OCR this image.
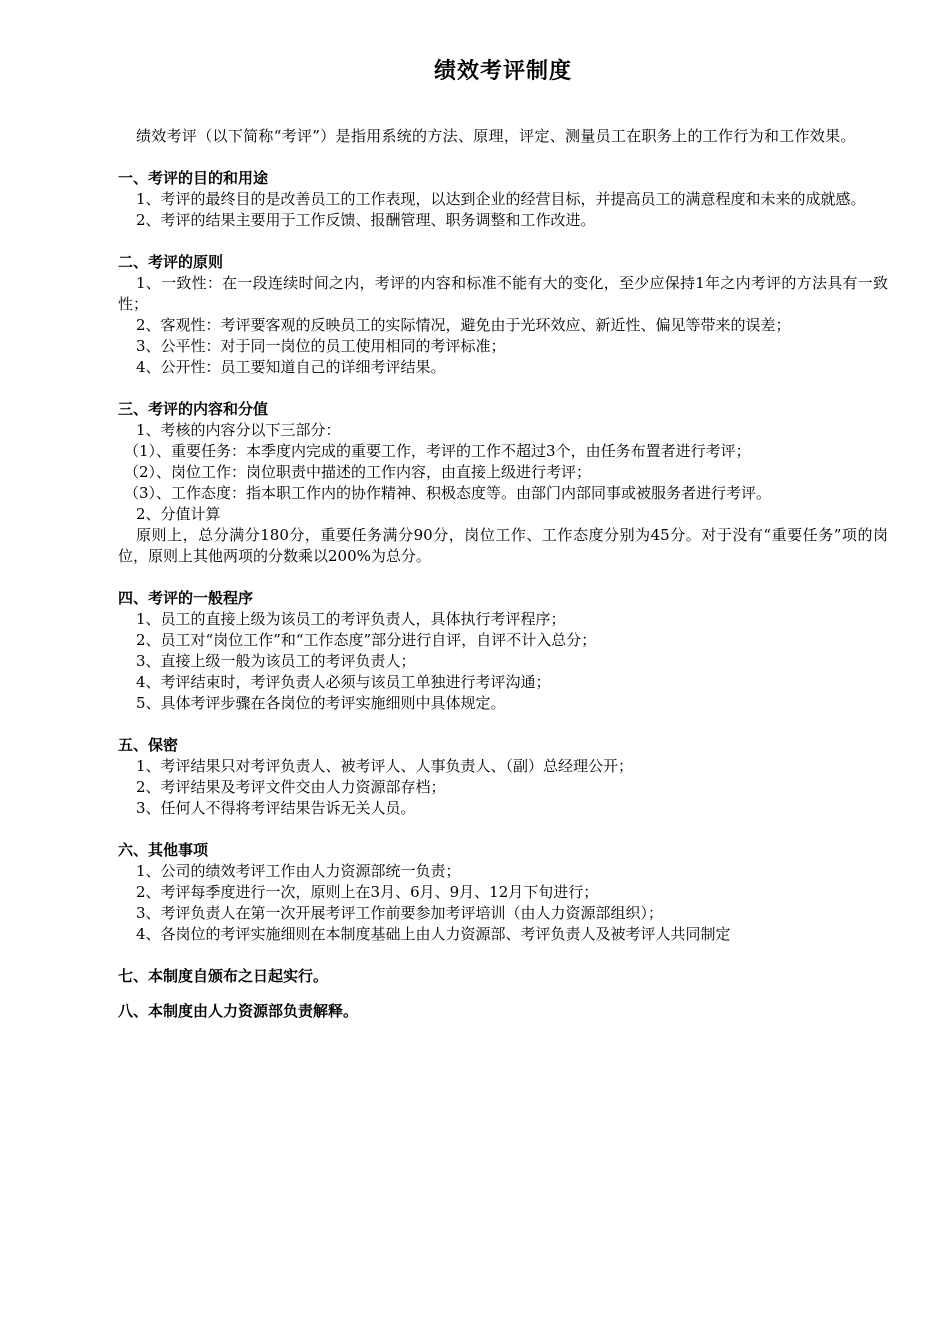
绩效考评制度

绩效考评（以下简称“考评”）是指用系统的方法、原理，评定、测量员工在职务上的工作行为和工作效果。

一、考评的目的和用途

1、考评的最终目的是改善员工的工作表现，以达到企业的经营目标，并提高员工的满意程度和未来的成就感。

2、考评的结果主要用于工作反馈、报酬管理、职务调整和工作改进。

二、考评的原则

1、一致性：在一段连续时间之内，考评的内容和标准不能有大的变化，至少应保持1年之内考评的方法具有一致性；

2、客观性：考评要客观的反映员工的实际情况，避免由于光环效应、新近性、偏见等带来的误差；

3、公平性：对于同一岗位的员工使用相同的考评标准；

4、公开性：员工要知道自己的详细考评结果。

三、考评的内容和分值

1、考核的内容分以下三部分：

（1）、重要任务：本季度内完成的重要工作，考评的工作不超过3个，由任务布置者进行考评；

（2）、岗位工作：岗位职责中描述的工作内容，由直接上级进行考评；

（3）、工作态度：指本职工作内的协作精神、积极态度等。由部门内部同事或被服务者进行考评。

2、分值计算

原则上，总分满分180分，重要任务满分90分，岗位工作、工作态度分别为45分。对于没有“重要任务”项的岗位，原则上其他两项的分数乘以200%为总分。

四、考评的一般程序

1、员工的直接上级为该员工的考评负责人，具体执行考评程序；

2、员工对“岗位工作”和“工作态度”部分进行自评，自评不计入总分；

3、直接上级一般为该员工的考评负责人；

4、考评结束时，考评负责人必须与该员工单独进行考评沟通；

5、具体考评步骤在各岗位的考评实施细则中具体规定。

五、保密

1、考评结果只对考评负责人、被考评人、人事负责人、（副）总经理公开；

2、考评结果及考评文件交由人力资源部存档；

3、任何人不得将考评结果告诉无关人员。

六、其他事项

1、公司的绩效考评工作由人力资源部统一负责；

2、考评每季度进行一次，原则上在3月、6月、9月、12月下旬进行；

3、考评负责人在第一次开展考评工作前要参加考评培训（由人力资源部组织）；

4、各岗位的考评实施细则在本制度基础上由人力资源部、考评负责人及被考评人共同制定

七、本制度自颁布之日起实行。

八、本制度由人力资源部负责解释。
